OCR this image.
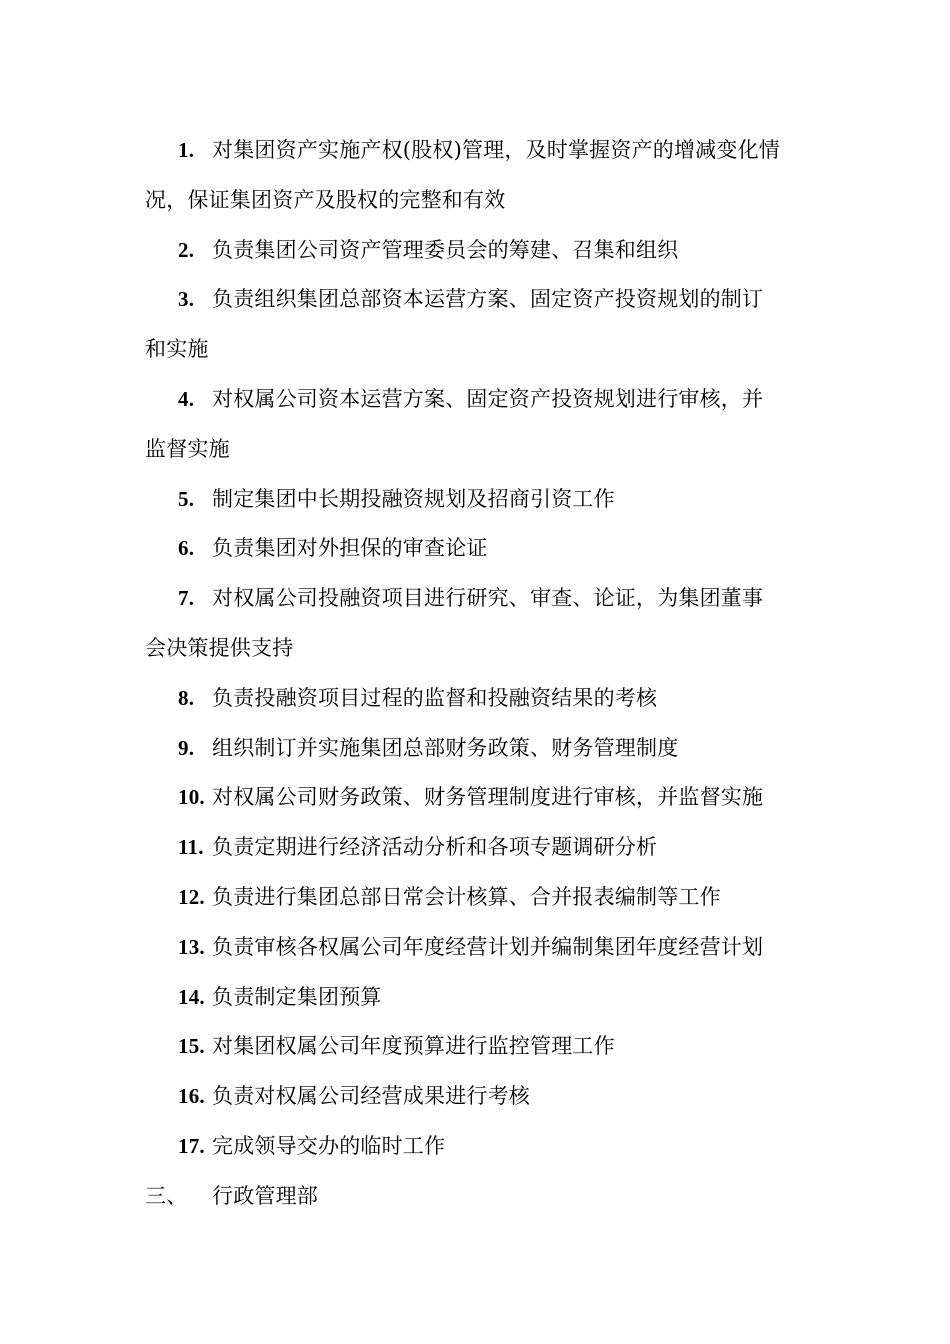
1. 对集团资产实施产权(股权)管理，及时掌握资产的增减变化情
况，保证集团资产及股权的完整和有效
2. 负责集团公司资产管理委员会的筹建、召集和组织
3. 负责组织集团总部资本运营方案、固定资产投资规划的制订
和实施
4. 对权属公司资本运营方案、固定资产投资规划进行审核，并
监督实施
5. 制定集团中长期投融资规划及招商引资工作
6. 负责集团对外担保的审查论证
7. 对权属公司投融资项目进行研究、审查、论证，为集团董事
会决策提供支持
8. 负责投融资项目过程的监督和投融资结果的考核
9. 组织制订并实施集团总部财务政策、财务管理制度
10. 对权属公司财务政策、财务管理制度进行审核，并监督实施
11. 负责定期进行经济活动分析和各项专题调研分析
12. 负责进行集团总部日常会计核算、合并报表编制等工作
13. 负责审核各权属公司年度经营计划并编制集团年度经营计划
14. 负责制定集团预算
15. 对集团权属公司年度预算进行监控管理工作
16. 负责对权属公司经营成果进行考核
17. 完成领导交办的临时工作
三、 行政管理部
